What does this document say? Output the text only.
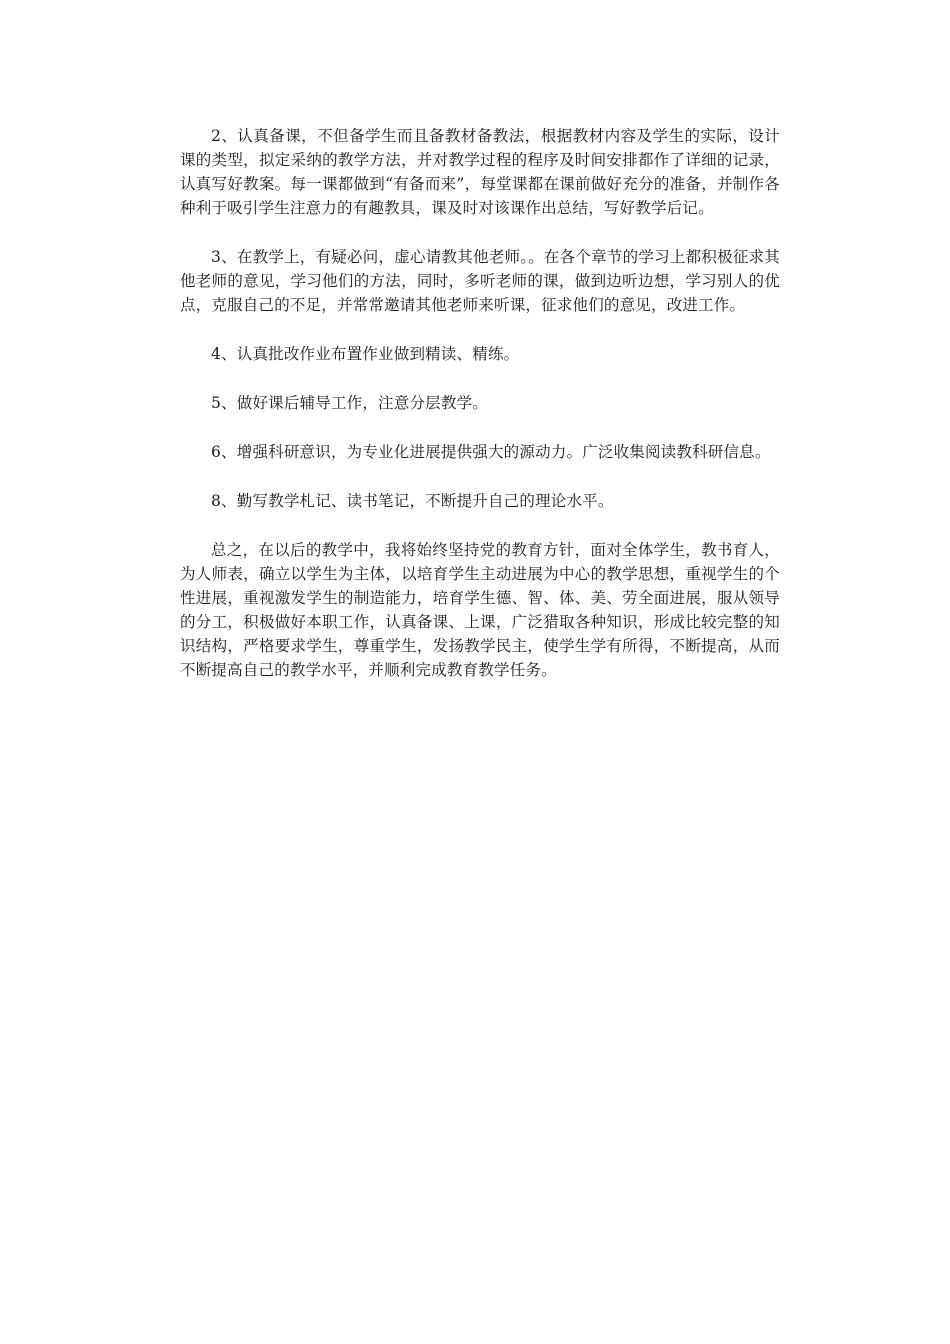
2、认真备课，不但备学生而且备教材备教法，根据教材内容及学生的实际，设计课的类型，拟定采纳的教学方法，并对教学过程的程序及时间安排都作了详细的记录，认真写好教案。每一课都做到“有备而来”，每堂课都在课前做好充分的准备，并制作各种利于吸引学生注意力的有趣教具，课及时对该课作出总结，写好教学后记。

3、在教学上，有疑必问，虚心请教其他老师。。在各个章节的学习上都积极征求其他老师的意见，学习他们的方法，同时，多听老师的课，做到边听边想，学习别人的优点，克服自己的不足，并常常邀请其他老师来听课，征求他们的意见，改进工作。

4、认真批改作业布置作业做到精读、精练。

5、做好课后辅导工作，注意分层教学。

6、增强科研意识，为专业化进展提供强大的源动力。广泛收集阅读教科研信息。

8、勤写教学札记、读书笔记，不断提升自己的理论水平。

总之，在以后的教学中，我将始终坚持党的教育方针，面对全体学生，教书育人，为人师表，确立以学生为主体，以培育学生主动进展为中心的教学思想，重视学生的个性进展，重视激发学生的制造能力，培育学生德、智、体、美、劳全面进展，服从领导的分工，积极做好本职工作，认真备课、上课，广泛猎取各种知识，形成比较完整的知识结构，严格要求学生，尊重学生，发扬教学民主，使学生学有所得，不断提高，从而不断提高自己的教学水平，并顺利完成教育教学任务。
